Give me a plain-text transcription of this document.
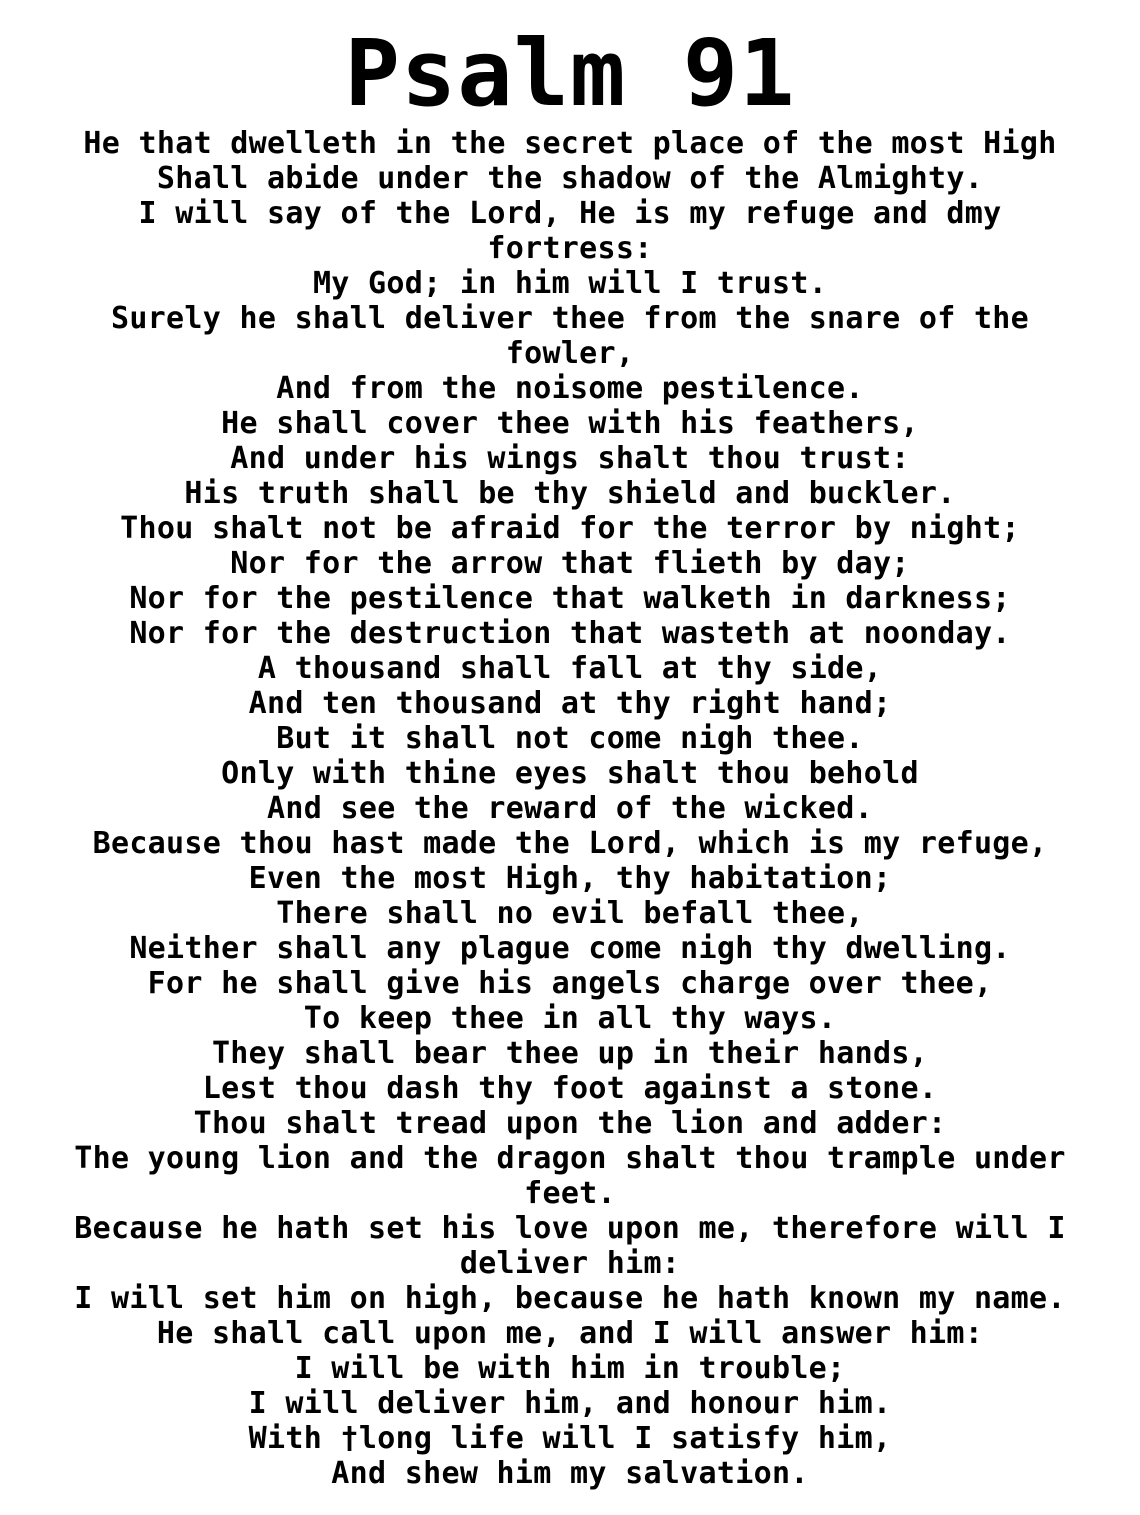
Psalm 91
He that dwelleth in the secret place of the most High
Shall abide under the shadow of the Almighty.
I will say of the Lord, He is my refuge and dmy
fortress:
My God; in him will I trust.
Surely he shall deliver thee from the snare of the
fowler,
And from the noisome pestilence.
He shall cover thee with his feathers,
And under his wings shalt thou trust:
His truth shall be thy shield and buckler.
Thou shalt not be afraid for the terror by night;
Nor for the arrow that flieth by day;
Nor for the pestilence that walketh in darkness;
Nor for the destruction that wasteth at noonday.
A thousand shall fall at thy side,
And ten thousand at thy right hand;
But it shall not come nigh thee.
Only with thine eyes shalt thou behold
And see the reward of the wicked.
Because thou hast made the Lord, which is my refuge,
Even the most High, thy habitation;
There shall no evil befall thee,
Neither shall any plague come nigh thy dwelling.
For he shall give his angels charge over thee,
To keep thee in all thy ways.
They shall bear thee up in their hands,
Lest thou dash thy foot against a stone.
Thou shalt tread upon the lion and adder:
The young lion and the dragon shalt thou trample under
feet.
Because he hath set his love upon me, therefore will I
deliver him:
I will set him on high, because he hath known my name.
He shall call upon me, and I will answer him:
I will be with him in trouble;
I will deliver him, and honour him.
With †long life will I satisfy him,
And shew him my salvation.
